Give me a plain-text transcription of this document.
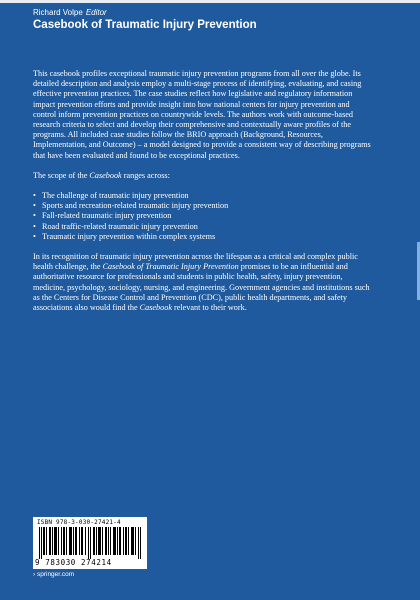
Richard Volpe Editor
Casebook of Traumatic Injury Prevention

This casebook profiles exceptional traumatic injury prevention programs from all over the globe. Its detailed description and analysis employ a multi-stage process of identifying, evaluating, and casing effective prevention practices. The case studies reflect how legislative and regulatory information impact prevention efforts and provide insight into how national centers for injury prevention and control inform prevention practices on countrywide levels. The authors work with outcome-based research criteria to select and develop their comprehensive and contextually aware profiles of the programs. All included case studies follow the BRIO approach (Background, Resources, Implementation, and Outcome) – a model designed to provide a consistent way of describing programs that have been evaluated and found to be exceptional practices.

The scope of the Casebook ranges across:

• The challenge of traumatic injury prevention
• Sports and recreation-related traumatic injury prevention
• Fall-related traumatic injury prevention
• Road traffic-related traumatic injury prevention
• Traumatic injury prevention within complex systems

In its recognition of traumatic injury prevention across the lifespan as a critical and complex public health challenge, the Casebook of Traumatic Injury Prevention promises to be an influential and authoritative resource for professionals and students in public health, safety, injury prevention, medicine, psychology, sociology, nursing, and engineering. Government agencies and institutions such as the Centers for Disease Control and Prevention (CDC), public health departments, and safety associations also would find the Casebook relevant to their work.

ISBN 978-3-030-27421-4
9 783030 274214
› springer.com
